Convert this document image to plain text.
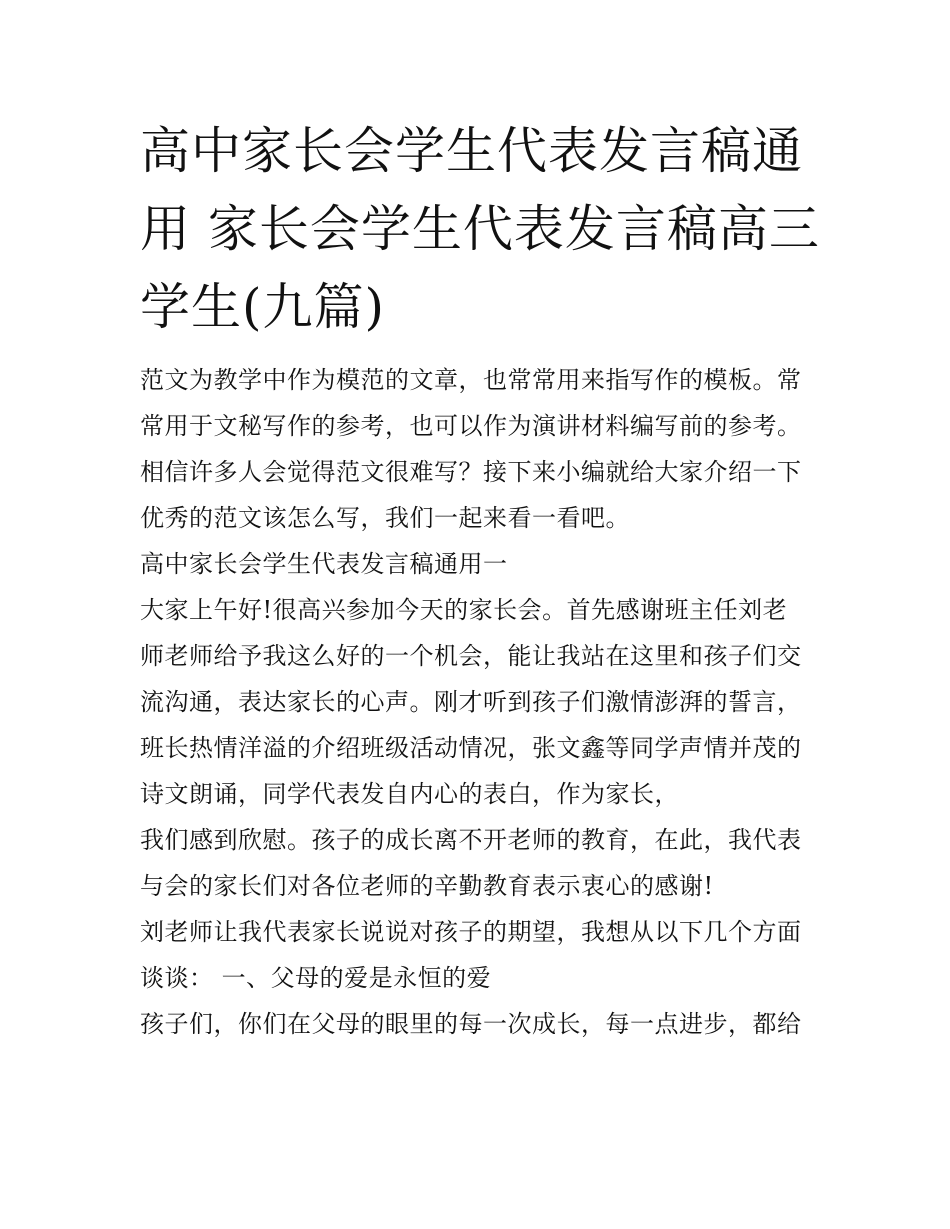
高中家长会学生代表发言稿通
用 家长会学生代表发言稿高三
学生(九篇)

范文为教学中作为模范的文章，也常常用来指写作的模板。常

常用于文秘写作的参考，也可以作为演讲材料编写前的参考。

相信许多人会觉得范文很难写？接下来小编就给大家介绍一下

优秀的范文该怎么写，我们一起来看一看吧。

高中家长会学生代表发言稿通用一

大家上午好!很高兴参加今天的家长会。首先感谢班主任刘老

师老师给予我这么好的一个机会，能让我站在这里和孩子们交

流沟通，表达家长的心声。刚才听到孩子们激情澎湃的誓言，

班长热情洋溢的介绍班级活动情况，张文鑫等同学声情并茂的

诗文朗诵，同学代表发自内心的表白，作为家长，

我们感到欣慰。孩子的成长离不开老师的教育，在此，我代表

与会的家长们对各位老师的辛勤教育表示衷心的感谢!

刘老师让我代表家长说说对孩子的期望，我想从以下几个方面

谈谈： 一、父母的爱是永恒的爱

孩子们，你们在父母的眼里的每一次成长，每一点进步，都给
